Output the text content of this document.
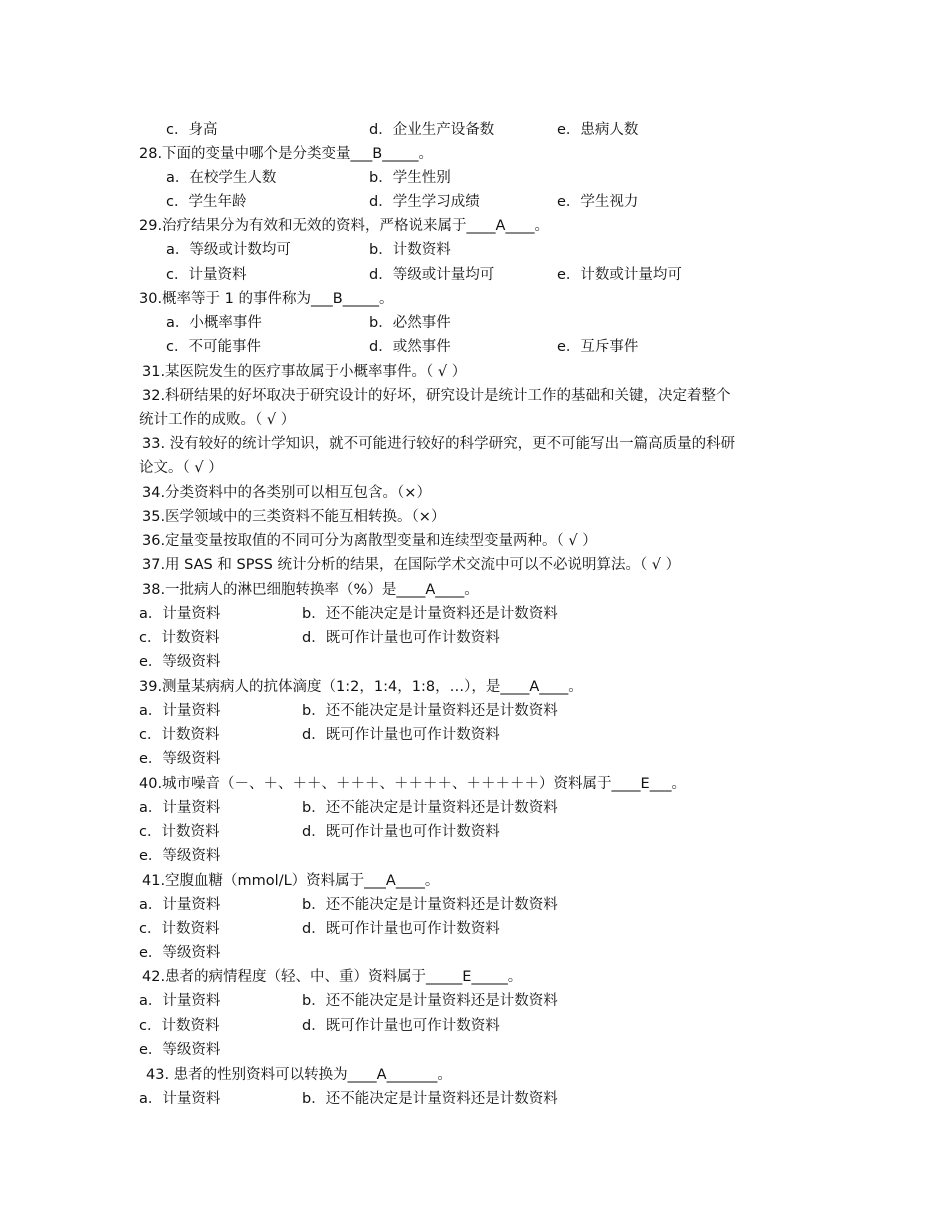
c．身高	d．企业生产设备数	e．患病人数
28.下面的变量中哪个是分类变量___B_____。
a．在校学生人数	b．学生性别
c．学生年龄	d．学生学习成绩	e．学生视力
29.治疗结果分为有效和无效的资料，严格说来属于____A____。
a．等级或计数均可	b．计数资料
c．计量资料	d．等级或计量均可	e．计数或计量均可
30.概率等于 1 的事件称为___B_____。
a．小概率事件	b．必然事件
c．不可能事件	d．或然事件	e．互斥事件
31.某医院发生的医疗事故属于小概率事件。（ √ ）
32.科研结果的好坏取决于研究设计的好坏，研究设计是统计工作的基础和关键，决定着整个
统计工作的成败。（ √ ）
33. 没有较好的统计学知识，就不可能进行较好的科学研究，更不可能写出一篇高质量的科研
论文。（ √ ）
34.分类资料中的各类别可以相互包含。（×）
35.医学领域中的三类资料不能互相转换。（×）
36.定量变量按取值的不同可分为离散型变量和连续型变量两种。（ √ ）
37.用 SAS 和 SPSS 统计分析的结果，在国际学术交流中可以不必说明算法。（ √ ）
38.一批病人的淋巴细胞转换率（%）是____A____。
a．计量资料	b．还不能决定是计量资料还是计数资料
c．计数资料	d．既可作计量也可作计数资料
e．等级资料
39.测量某病病人的抗体滴度（1:2，1:4，1:8，…），是____A____。
a．计量资料	b．还不能决定是计量资料还是计数资料
c．计数资料	d．既可作计量也可作计数资料
e．等级资料
40.城市噪音（－、＋、＋＋、＋＋＋、＋＋＋＋、＋＋＋＋＋）资料属于____E___。
a．计量资料	b．还不能决定是计量资料还是计数资料
c．计数资料	d．既可作计量也可作计数资料
e．等级资料
41.空腹血糖（mmol/L）资料属于___A____。
a．计量资料	b．还不能决定是计量资料还是计数资料
c．计数资料	d．既可作计量也可作计数资料
e．等级资料
42.患者的病情程度（轻、中、重）资料属于_____E_____。
a．计量资料	b．还不能决定是计量资料还是计数资料
c．计数资料	d．既可作计量也可作计数资料
e．等级资料
43. 患者的性别资料可以转换为____A_______。
a．计量资料	b．还不能决定是计量资料还是计数资料
